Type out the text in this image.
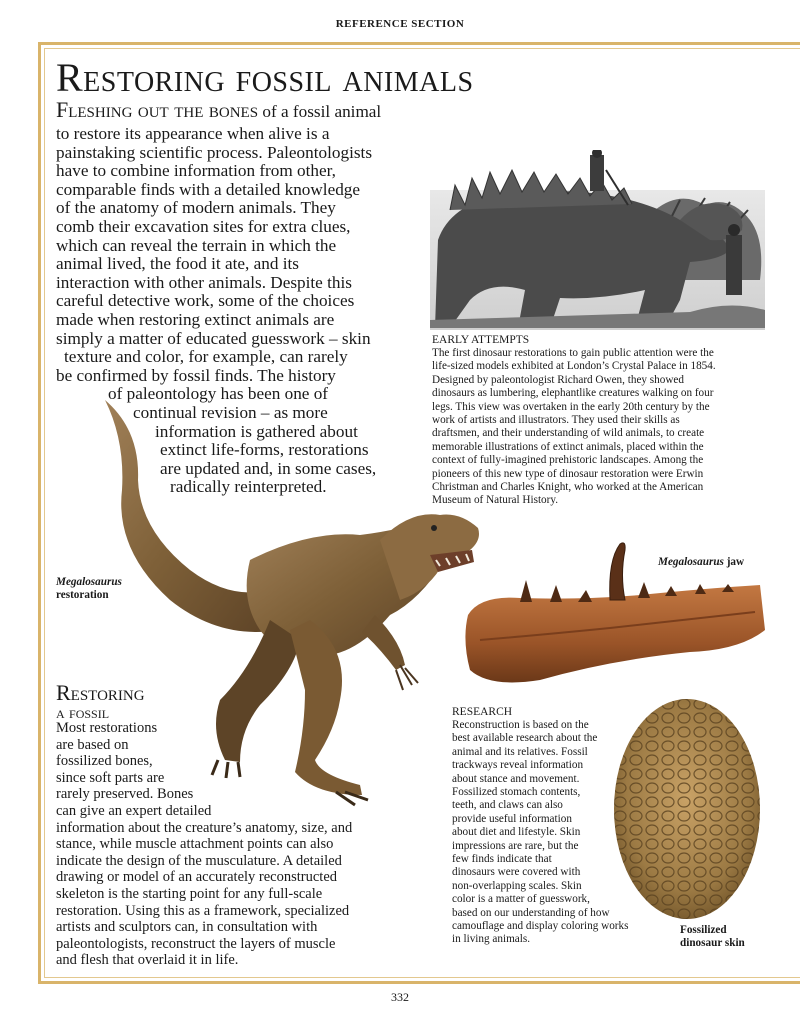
REFERENCE SECTION
Restoring fossil animals
Fleshing out the bones of a fossil animal
to restore its appearance when alive is a
painstaking scientific process. Paleontologists
have to combine information from other,
comparable finds with a detailed knowledge
of the anatomy of modern animals. They
comb their excavation sites for extra clues,
which can reveal the terrain in which the
animal lived, the food it ate, and its
interaction with other animals. Despite this
careful detective work, some of the choices
made when restoring extinct animals are
simply a matter of educated guesswork – skin
texture and color, for example, can rarely
be confirmed by fossil finds. The history
of paleontology has been one of
continual revision – as more
information is gathered about
extinct life-forms, restorations
are updated and, in some cases,
radically reinterpreted.
EARLY ATTEMPTS
The first dinosaur restorations to gain public attention were the
life-sized models exhibited at London’s Crystal Palace in 1854.
Designed by paleontologist Richard Owen, they showed
dinosaurs as lumbering, elephantlike creatures walking on four
legs. This view was overtaken in the early 20th century by the
work of artists and illustrators. They used their skills as
draftsmen, and their understanding of wild animals, to create
memorable illustrations of extinct animals, placed within the
context of fully-imagined prehistoric landscapes. Among the
pioneers of this new type of dinosaur restoration were Erwin
Christman and Charles Knight, who worked at the American
Museum of Natural History.
Megalosaurus
restoration
Megalosaurus jaw
Restoring
a fossil
Most restorations
are based on
fossilized bones,
since soft parts are
rarely preserved. Bones
can give an expert detailed
information about the creature’s anatomy, size, and
stance, while muscle attachment points can also
indicate the design of the musculature. A detailed
drawing or model of an accurately reconstructed
skeleton is the starting point for any full-scale
restoration. Using this as a framework, specialized
artists and sculptors can, in consultation with
paleontologists, reconstruct the layers of muscle
and flesh that overlaid it in life.
RESEARCH
Reconstruction is based on the
best available research about the
animal and its relatives. Fossil
trackways reveal information
about stance and movement.
Fossilized stomach contents,
teeth, and claws can also
provide useful information
about diet and lifestyle. Skin
impressions are rare, but the
few finds indicate that
dinosaurs were covered with
non-overlapping scales. Skin
color is a matter of guesswork,
based on our understanding of how
camouflage and display coloring works
in living animals.
Fossilized
dinosaur skin
332
